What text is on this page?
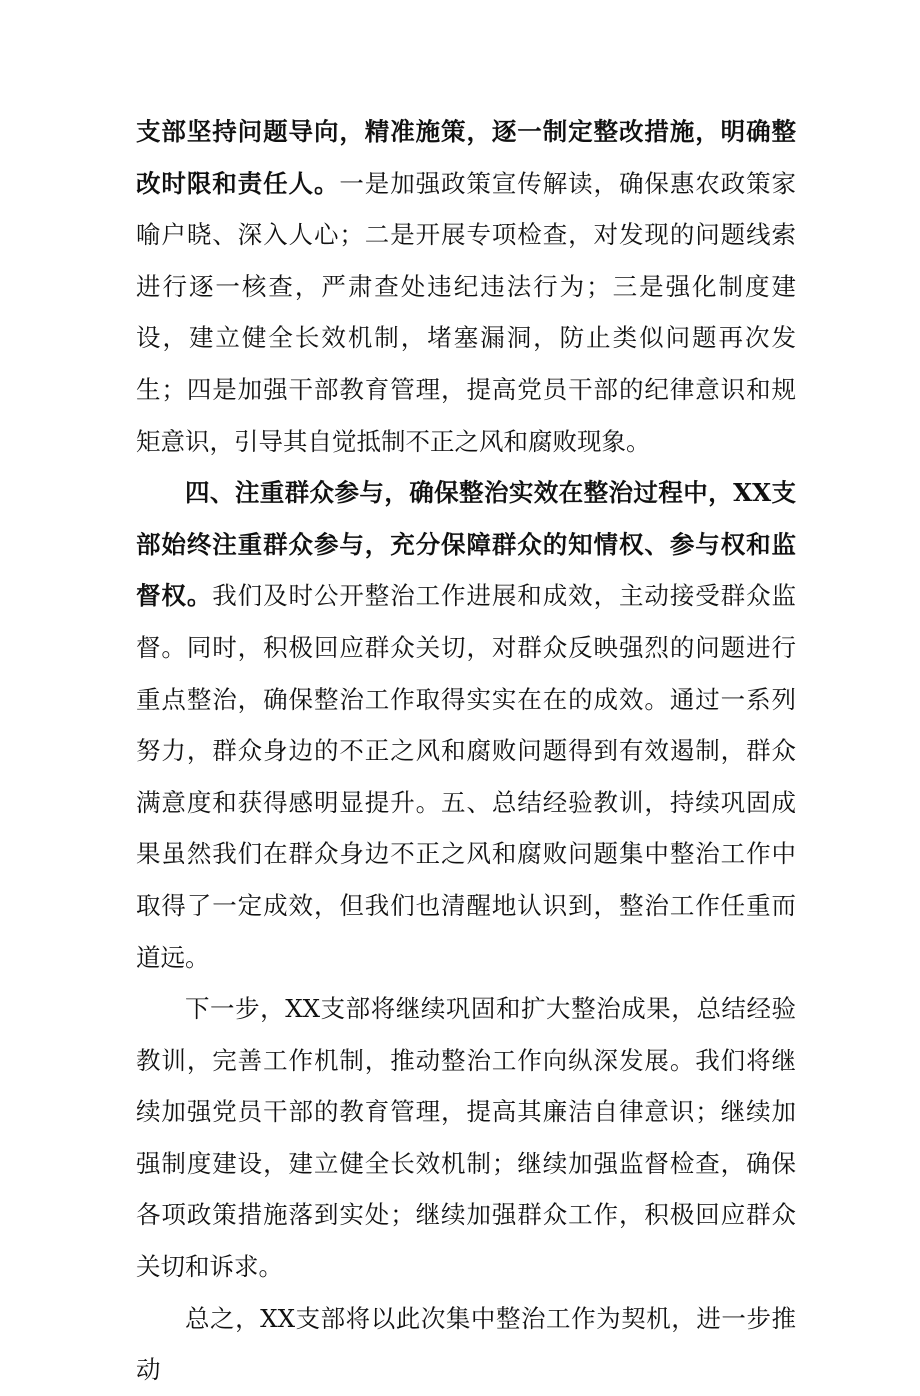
支部坚持问题导向，精准施策，逐一制定整改措施，明确整改时限和责任人。一是加强政策宣传解读，确保惠农政策家喻户晓、深入人心；二是开展专项检查，对发现的问题线索进行逐一核查，严肃查处违纪违法行为；三是强化制度建设，建立健全长效机制，堵塞漏洞，防止类似问题再次发生；四是加强干部教育管理，提高党员干部的纪律意识和规矩意识，引导其自觉抵制不正之风和腐败现象。

四、注重群众参与，确保整治实效在整治过程中，XX支部始终注重群众参与，充分保障群众的知情权、参与权和监督权。我们及时公开整治工作进展和成效，主动接受群众监督。同时，积极回应群众关切，对群众反映强烈的问题进行重点整治，确保整治工作取得实实在在的成效。通过一系列努力，群众身边的不正之风和腐败问题得到有效遏制，群众满意度和获得感明显提升。五、总结经验教训，持续巩固成果虽然我们在群众身边不正之风和腐败问题集中整治工作中取得了一定成效，但我们也清醒地认识到，整治工作任重而道远。

下一步，XX支部将继续巩固和扩大整治成果，总结经验教训，完善工作机制，推动整治工作向纵深发展。我们将继续加强党员干部的教育管理，提高其廉洁自律意识；继续加强制度建设，建立健全长效机制；继续加强监督检查，确保各项政策措施落到实处；继续加强群众工作，积极回应群众关切和诉求。

总之，XX支部将以此次集中整治工作为契机，进一步推动
